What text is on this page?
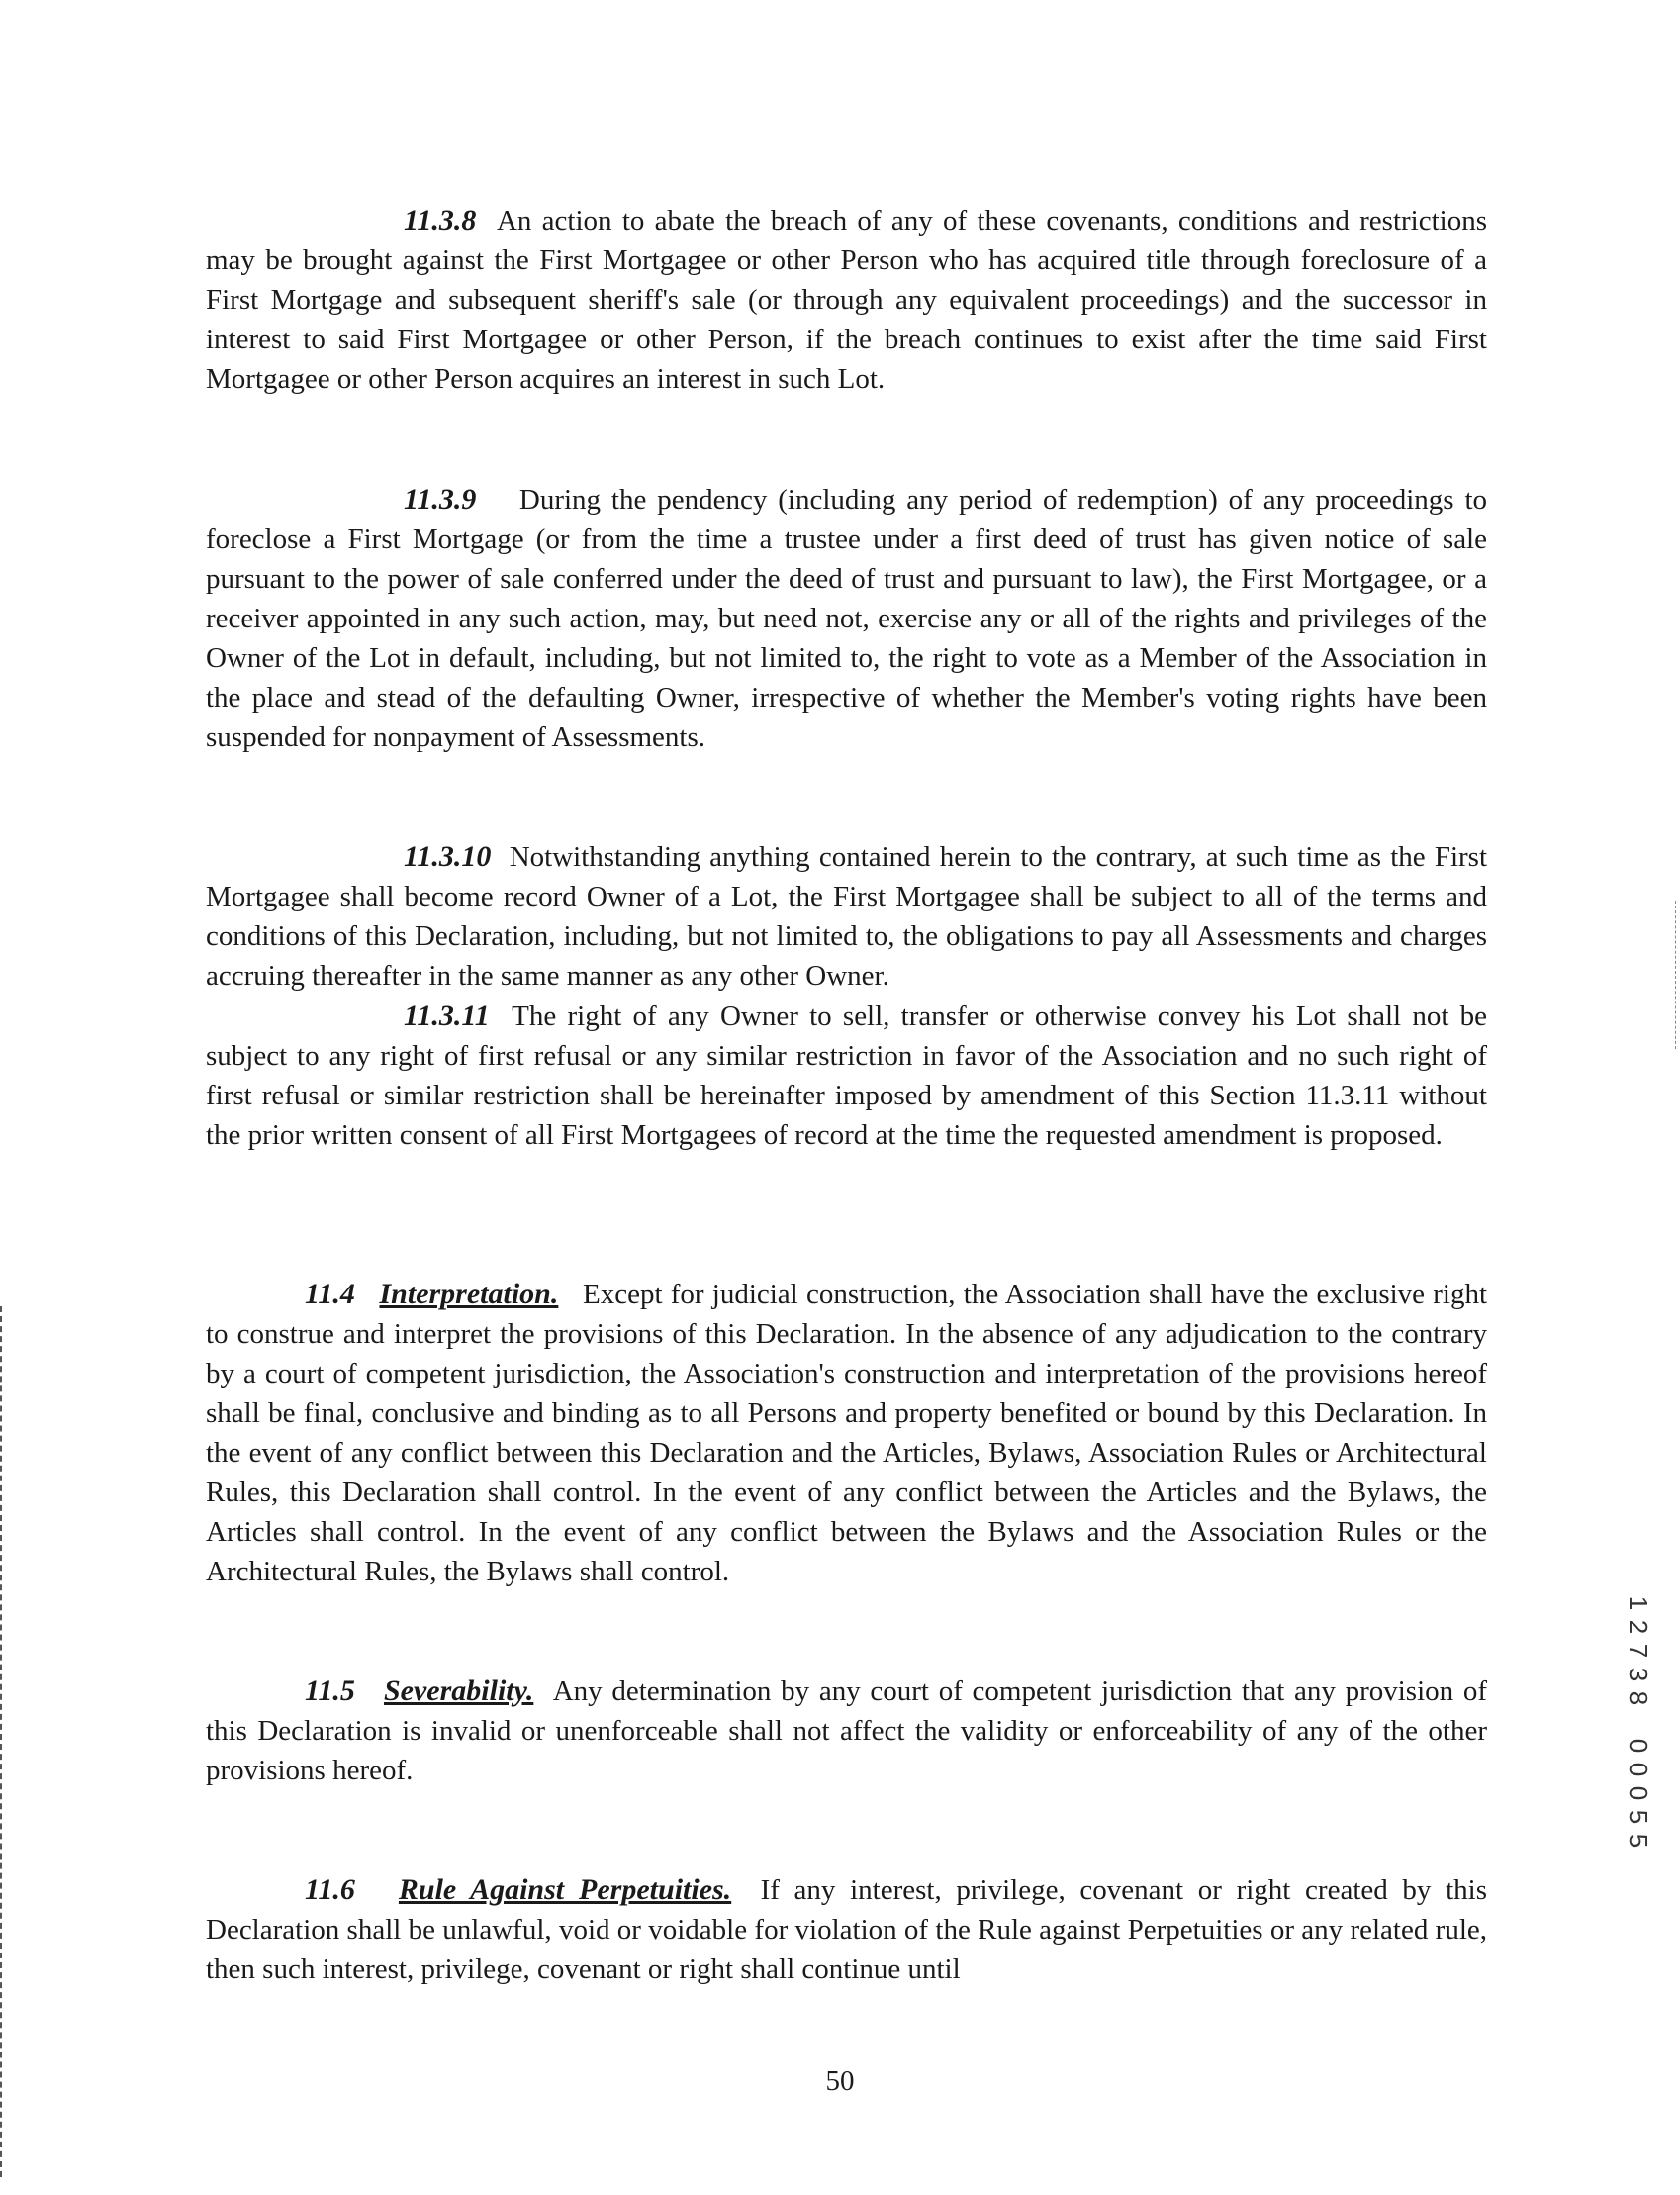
11.3.8 An action to abate the breach of any of these covenants, conditions and restrictions may be brought against the First Mortgagee or other Person who has acquired title through foreclosure of a First Mortgage and subsequent sheriff's sale (or through any equivalent proceedings) and the successor in interest to said First Mortgagee or other Person, if the breach continues to exist after the time said First Mortgagee or other Person acquires an interest in such Lot.

11.3.9 During the pendency (including any period of redemption) of any proceedings to foreclose a First Mortgage (or from the time a trustee under a first deed of trust has given notice of sale pursuant to the power of sale conferred under the deed of trust and pursuant to law), the First Mortgagee, or a receiver appointed in any such action, may, but need not, exercise any or all of the rights and privileges of the Owner of the Lot in default, including, but not limited to, the right to vote as a Member of the Association in the place and stead of the defaulting Owner, irrespective of whether the Member's voting rights have been suspended for nonpayment of Assessments.

11.3.10 Notwithstanding anything contained herein to the contrary, at such time as the First Mortgagee shall become record Owner of a Lot, the First Mortgagee shall be subject to all of the terms and conditions of this Declaration, including, but not limited to, the obligations to pay all Assessments and charges accruing thereafter in the same manner as any other Owner.

11.3.11 The right of any Owner to sell, transfer or otherwise convey his Lot shall not be subject to any right of first refusal or any similar restriction in favor of the Association and no such right of first refusal or similar restriction shall be hereinafter imposed by amendment of this Section 11.3.11 without the prior written consent of all First Mortgagees of record at the time the requested amendment is proposed.

11.4 Interpretation. Except for judicial construction, the Association shall have the exclusive right to construe and interpret the provisions of this Declaration. In the absence of any adjudication to the contrary by a court of competent jurisdiction, the Association's construction and interpretation of the provisions hereof shall be final, conclusive and binding as to all Persons and property benefited or bound by this Declaration. In the event of any conflict between this Declaration and the Articles, Bylaws, Association Rules or Architectural Rules, this Declaration shall control. In the event of any conflict between the Articles and the Bylaws, the Articles shall control. In the event of any conflict between the Bylaws and the Association Rules or the Architectural Rules, the Bylaws shall control.

11.5 Severability. Any determination by any court of competent jurisdiction that any provision of this Declaration is invalid or unenforceable shall not affect the validity or enforceability of any of the other provisions hereof.

11.6 Rule Against Perpetuities. If any interest, privilege, covenant or right created by this Declaration shall be unlawful, void or voidable for violation of the Rule against Perpetuities or any related rule, then such interest, privilege, covenant or right shall continue until

50
1
2
7
3
8

0
0
0
5
5
